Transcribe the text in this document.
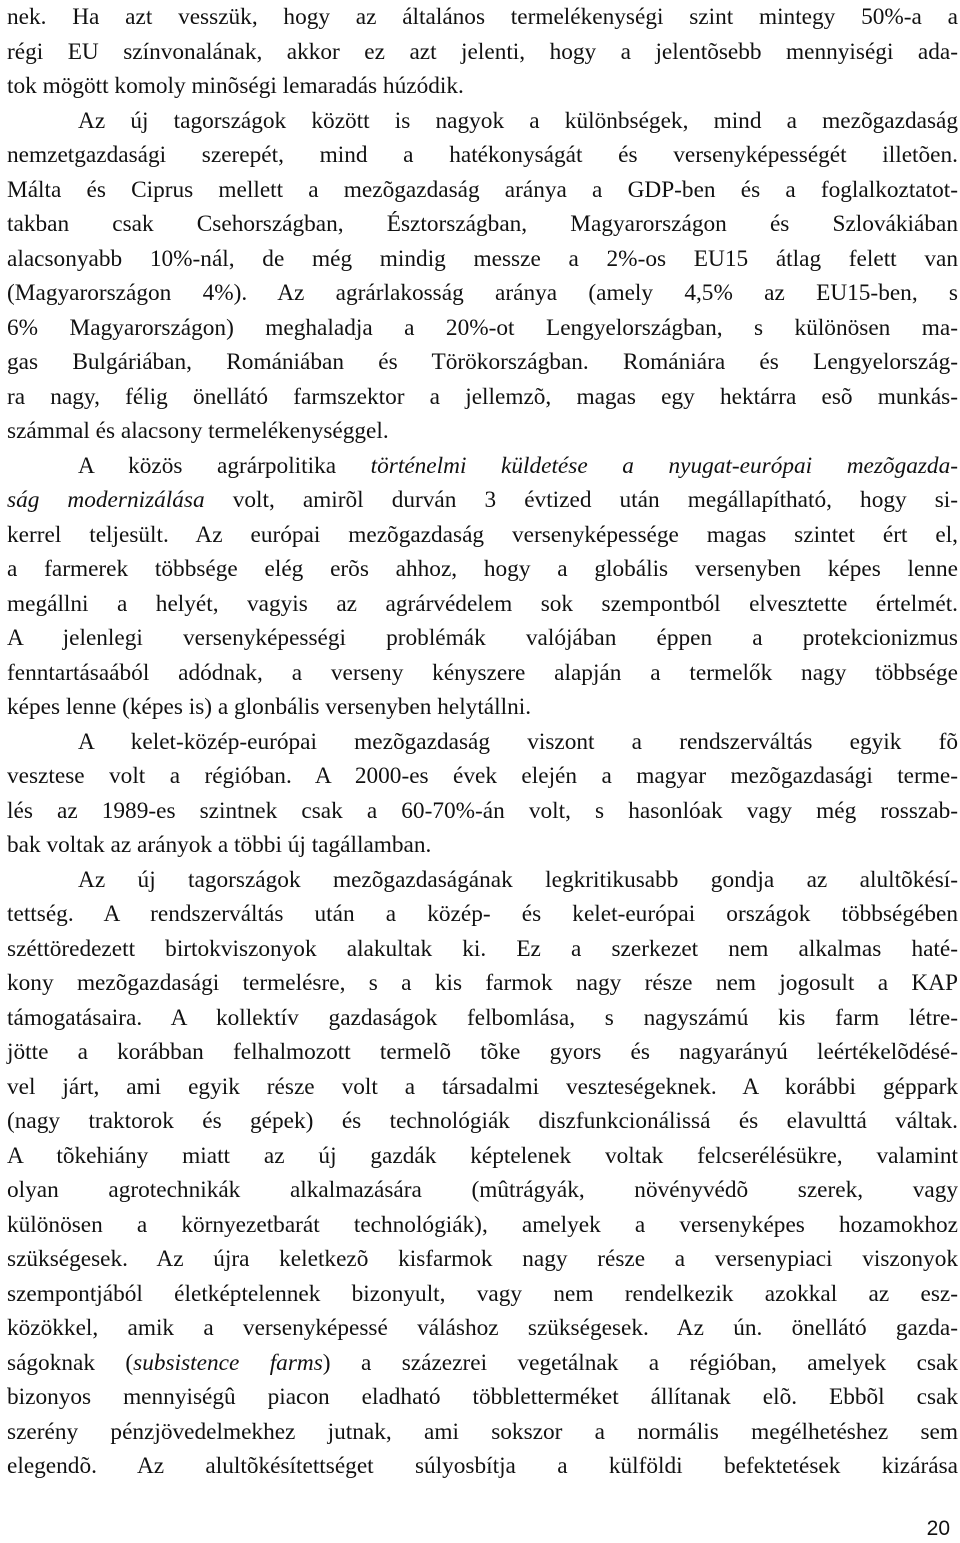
nek. Ha azt vesszük, hogy az általános termelékenységi szint mintegy 50%-a a
régi EU színvonalának, akkor ez azt jelenti, hogy a jelentõsebb mennyiségi ada-
tok mögött komoly minõségi lemaradás húzódik.
Az új tagországok között is nagyok a különbségek, mind a mezõgazdaság
nemzetgazdasági szerepét, mind a hatékonyságát és versenyképességét illetõen.
Málta és Ciprus mellett a mezõgazdaság aránya a GDP-ben és a foglalkoztatot-
takban csak Csehországban, Észtországban, Magyarországon és Szlovákiában
alacsonyabb 10%-nál, de még mindig messze a 2%-os EU15 átlag felett van
(Magyarországon 4%). Az agrárlakosság aránya (amely 4,5% az EU15-ben, s
6% Magyarországon) meghaladja a 20%-ot Lengyelországban, s különösen ma-
gas Bulgáriában, Romániában és Törökországban. Romániára és Lengyelország-
ra nagy, félig önellátó farmszektor a jellemzõ, magas egy hektárra esõ munkás-
számmal és alacsony termelékenységgel.
A közös agrárpolitika történelmi küldetése a nyugat-európai mezõgazda-
ság modernizálása volt, amirõl durván 3 évtized után megállapítható, hogy si-
kerrel teljesült. Az európai mezõgazdaság versenyképessége magas szintet ért el,
a farmerek többsége elég erõs ahhoz, hogy a globális versenyben képes lenne
megállni a helyét, vagyis az agrárvédelem sok szempontból elvesztette értelmét.
A jelenlegi versenyképességi problémák valójában éppen a protekcionizmus
fenntartásaából adódnak, a verseny kényszere alapján a termelők nagy többsége
képes lenne (képes is) a glonbális versenyben helytállni.
A kelet-közép-európai mezõgazdaság viszont a rendszerváltás egyik fõ
vesztese volt a régióban. A 2000-es évek elején a magyar mezõgazdasági terme-
lés az 1989-es szintnek csak a 60-70%-án volt, s hasonlóak vagy még rosszab-
bak voltak az arányok a többi új tagállamban.
Az új tagországok mezõgazdaságának legkritikusabb gondja az alultõkésí-
tettség. A rendszerváltás után a közép- és kelet-európai országok többségében
széttöredezett birtokviszonyok alakultak ki. Ez a szerkezet nem alkalmas haté-
kony mezõgazdasági termelésre, s a kis farmok nagy része nem jogosult a KAP
támogatásaira. A kollektív gazdaságok felbomlása, s nagyszámú kis farm létre-
jötte a korábban felhalmozott termelõ tõke gyors és nagyarányú leértékelõdésé-
vel járt, ami egyik része volt a társadalmi veszteségeknek. A korábbi géppark
(nagy traktorok és gépek) és technológiák diszfunkcionálissá és elavulttá váltak.
A tõkehiány miatt az új gazdák képtelenek voltak felcserélésükre, valamint
olyan agrotechnikák alkalmazására (mûtrágyák, növényvédõ szerek, vagy
különösen a környezetbarát technológiák), amelyek a versenyképes hozamokhoz
szükségesek. Az újra keletkezõ kisfarmok nagy része a versenypiaci viszonyok
szempontjából életképtelennek bizonyult, vagy nem rendelkezik azokkal az esz-
közökkel, amik a versenyképessé váláshoz szükségesek. Az ún. önellátó gazda-
ságoknak (subsistence farms) a százezrei vegetálnak a régióban, amelyek csak
bizonyos mennyiségû piacon eladható többletterméket állítanak elõ. Ebbõl csak
szerény pénzjövedelmekhez jutnak, ami sokszor a normális megélhetéshez sem
elegendõ. Az alultõkésítettséget súlyosbítja a külföldi befektetések kizárása
20
